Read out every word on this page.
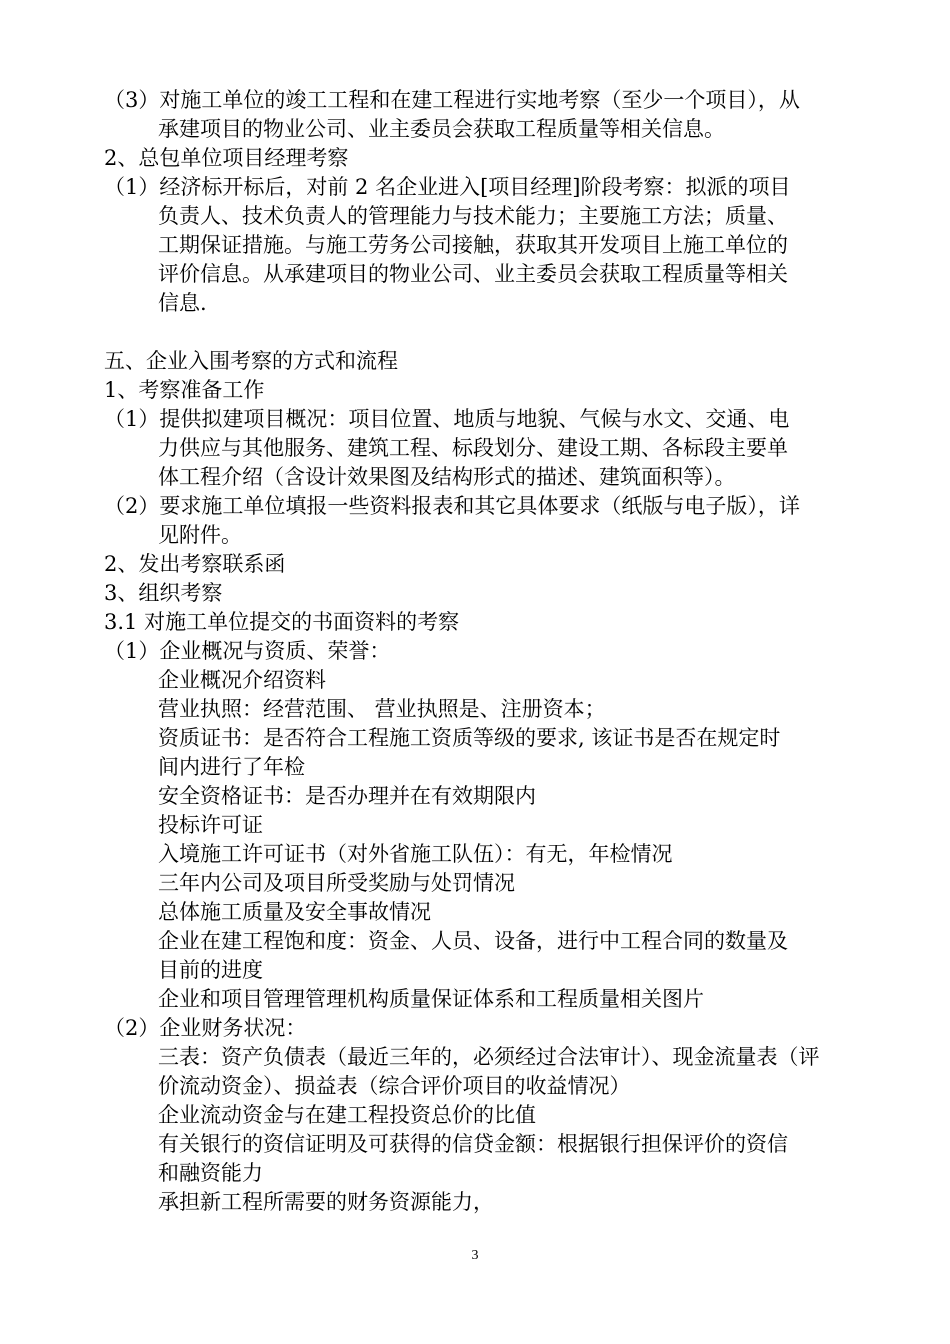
（3）对施工单位的竣工工程和在建工程进行实地考察（至少一个项目），从
承建项目的物业公司、业主委员会获取工程质量等相关信息。
2、总包单位项目经理考察
（1）经济标开标后，对前 2 名企业进入[项目经理]阶段考察：拟派的项目
负责人、技术负责人的管理能力与技术能力；主要施工方法；质量、
工期保证措施。与施工劳务公司接触，获取其开发项目上施工单位的
评价信息。从承建项目的物业公司、业主委员会获取工程质量等相关
信息.
五、企业入围考察的方式和流程
1、考察准备工作
（1）提供拟建项目概况：项目位置、地质与地貌、气候与水文、交通、电
力供应与其他服务、建筑工程、标段划分、建设工期、各标段主要单
体工程介绍（含设计效果图及结构形式的描述、建筑面积等）。
（2）要求施工单位填报一些资料报表和其它具体要求（纸版与电子版），详
见附件。
2、发出考察联系函
3、组织考察
3.1 对施工单位提交的书面资料的考察
（1）企业概况与资质、荣誉：
企业概况介绍资料
营业执照：经营范围、 营业执照是、注册资本；
资质证书：是否符合工程施工资质等级的要求, 该证书是否在规定时
间内进行了年检
安全资格证书：是否办理并在有效期限内
投标许可证
入境施工许可证书（对外省施工队伍）：有无，年检情况
三年内公司及项目所受奖励与处罚情况
总体施工质量及安全事故情况
企业在建工程饱和度：资金、人员、设备，进行中工程合同的数量及
目前的进度
企业和项目管理管理机构质量保证体系和工程质量相关图片
（2）企业财务状况：
三表：资产负债表（最近三年的，必须经过合法审计）、现金流量表（评
价流动资金）、损益表（综合评价项目的收益情况）
企业流动资金与在建工程投资总价的比值
有关银行的资信证明及可获得的信贷金额：根据银行担保评价的资信
和融资能力
承担新工程所需要的财务资源能力，
3
